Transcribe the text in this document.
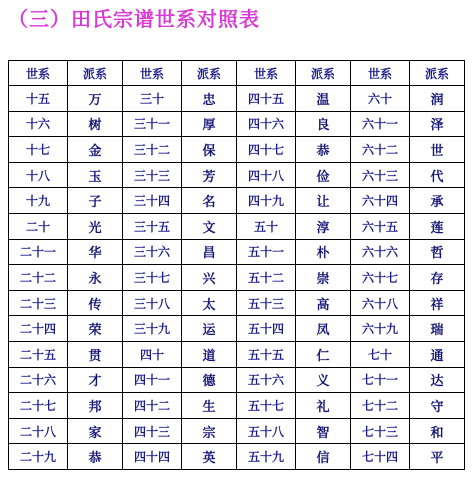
（三）田氏宗谱世系对照表
世系	派系	世系	派系	世系	派系	世系	派系
十五	万	三十	忠	四十五	温	六十	润
十六	树	三十一	厚	四十六	良	六十一	泽
十七	金	三十二	保	四十七	恭	六十二	世
十八	玉	三十三	芳	四十八	俭	六十三	代
十九	子	三十四	名	四十九	让	六十四	承
二十	光	三十五	文	五十	淳	六十五	莲
二十一	华	三十六	昌	五十一	朴	六十六	哲
二十二	永	三十七	兴	五十二	崇	六十七	存
二十三	传	三十八	太	五十三	高	六十八	祥
二十四	荣	三十九	运	五十四	凤	六十九	瑞
二十五	贯	四十	道	五十五	仁	七十	通
二十六	才	四十一	德	五十六	义	七十一	达
二十七	邦	四十二	生	五十七	礼	七十二	守
二十八	家	四十三	宗	五十八	智	七十三	和
二十九	恭	四十四	英	五十九	信	七十四	平
